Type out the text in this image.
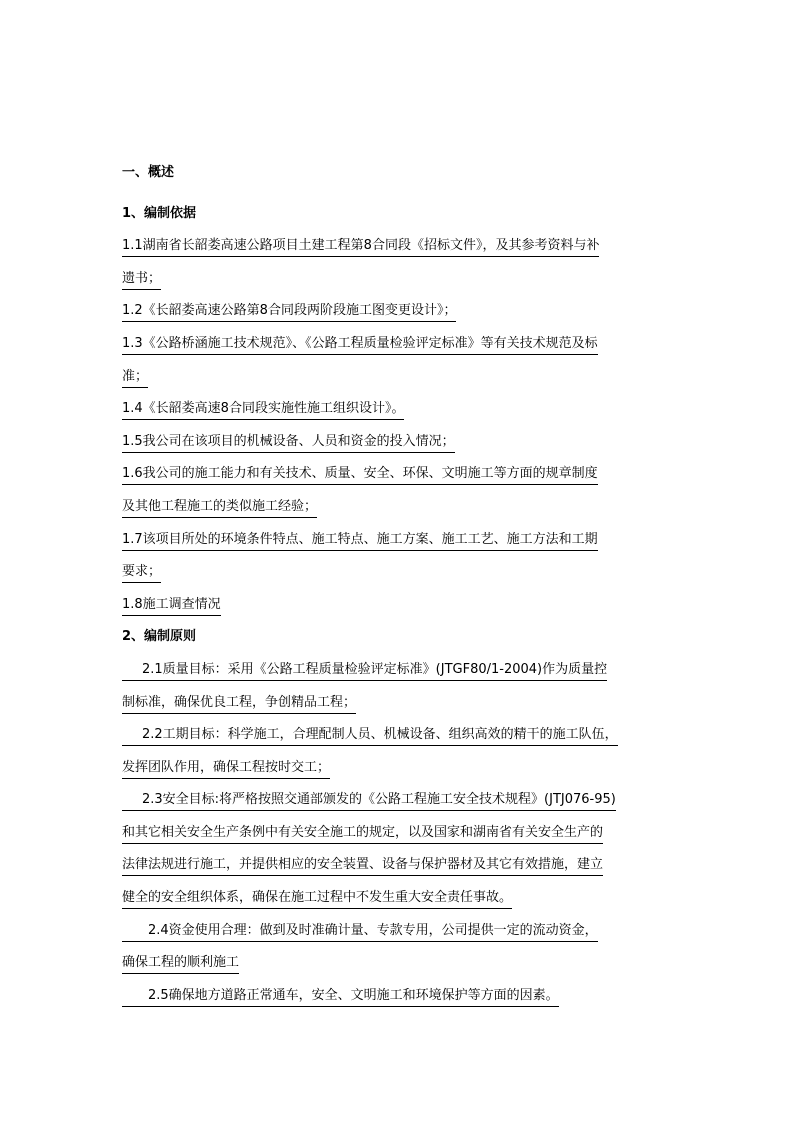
一、概述
1、编制依据
1.1湖南省长韶娄高速公路项目土建工程第8合同段《招标文件》，及其参考资料与补
遗书；
1.2《长韶娄高速公路第8合同段两阶段施工图变更设计》；
1.3《公路桥涵施工技术规范》、《公路工程质量检验评定标准》等有关技术规范及标
准；
1.4《长韶娄高速8合同段实施性施工组织设计》。
1.5我公司在该项目的机械设备、人员和资金的投入情况；
1.6我公司的施工能力和有关技术、质量、安全、环保、文明施工等方面的规章制度
及其他工程施工的类似施工经验；
1.7该项目所处的环境条件特点、施工特点、施工方案、施工工艺、施工方法和工期
要求；
1.8施工调查情况
2、编制原则
2.1质量目标：采用《公路工程质量检验评定标准》(JTGF80/1-2004)作为质量控
制标准，确保优良工程，争创精品工程；
2.2工期目标：科学施工，合理配制人员、机械设备、组织高效的精干的施工队伍，
发挥团队作用，确保工程按时交工；
2.3安全目标:将严格按照交通部颁发的《公路工程施工安全技术规程》(JTJ076-95)
和其它相关安全生产条例中有关安全施工的规定，以及国家和湖南省有关安全生产的
法律法规进行施工，并提供相应的安全装置、设备与保护器材及其它有效措施，建立
健全的安全组织体系，确保在施工过程中不发生重大安全责任事故。
2.4资金使用合理：做到及时准确计量、专款专用，公司提供一定的流动资金，
确保工程的顺利施工
2.5确保地方道路正常通车，安全、文明施工和环境保护等方面的因素。
